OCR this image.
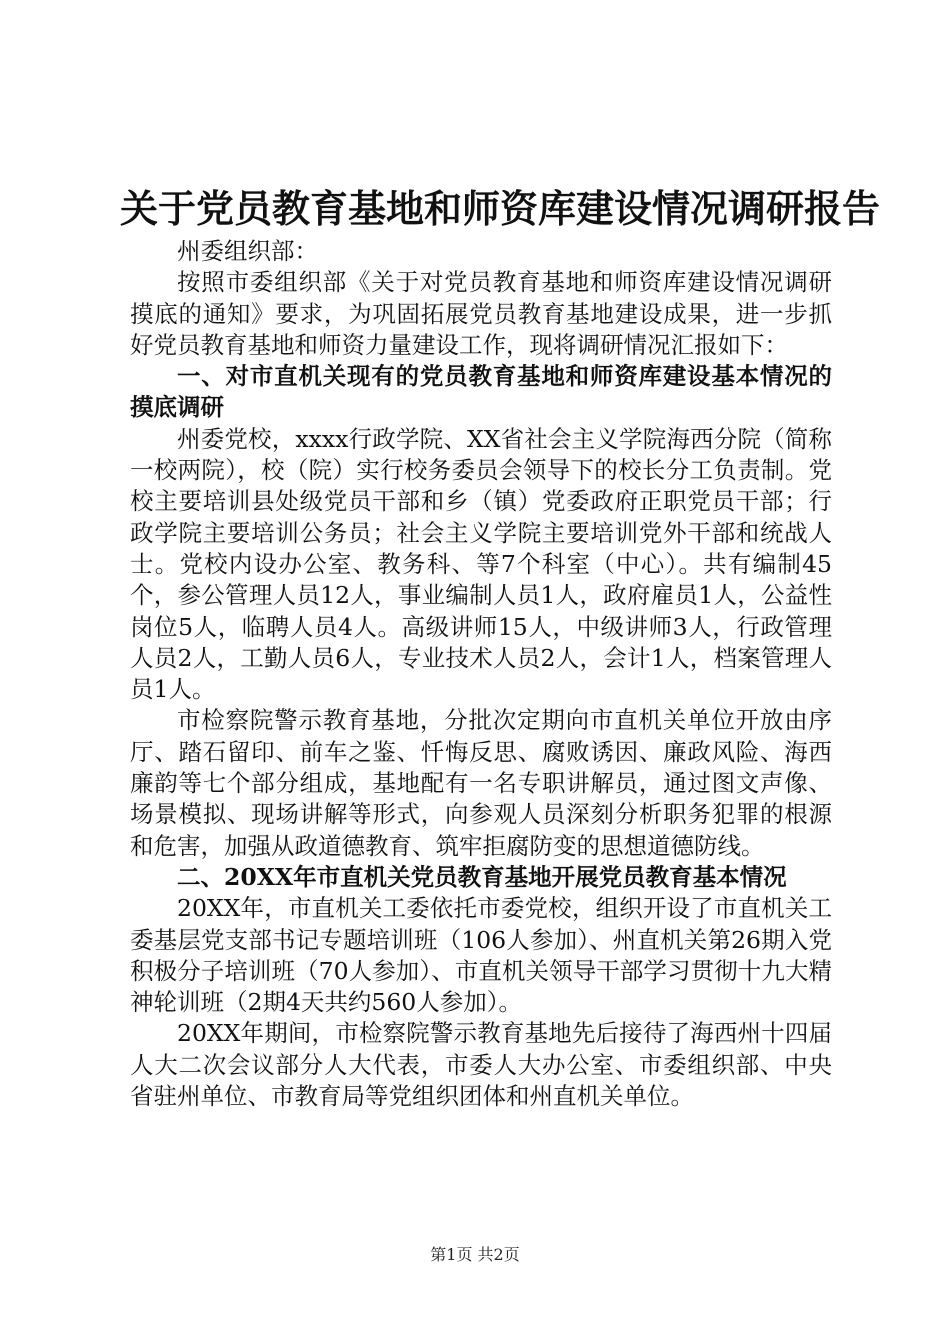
关于党员教育基地和师资库建设情况调研报告

州委组织部：

按照市委组织部《关于对党员教育基地和师资库建设情况调研摸底的通知》要求，为巩固拓展党员教育基地建设成果，进一步抓好党员教育基地和师资力量建设工作，现将调研情况汇报如下：

一、对市直机关现有的党员教育基地和师资库建设基本情况的摸底调研

州委党校，xxxx行政学院、XX省社会主义学院海西分院（简称一校两院），校（院）实行校务委员会领导下的校长分工负责制。党校主要培训县处级党员干部和乡（镇）党委政府正职党员干部；行政学院主要培训公务员；社会主义学院主要培训党外干部和统战人士。党校内设办公室、教务科、等7个科室（中心）。共有编制45个，参公管理人员12人，事业编制人员1人，政府雇员1人，公益性岗位5人，临聘人员4人。高级讲师15人，中级讲师3人，行政管理人员2人，工勤人员6人，专业技术人员2人，会计1人，档案管理人员1人。

市检察院警示教育基地，分批次定期向市直机关单位开放由序厅、踏石留印、前车之鉴、忏悔反思、腐败诱因、廉政风险、海西廉韵等七个部分组成，基地配有一名专职讲解员，通过图文声像、场景模拟、现场讲解等形式，向参观人员深刻分析职务犯罪的根源和危害，加强从政道德教育、筑牢拒腐防变的思想道德防线。

二、20XX年市直机关党员教育基地开展党员教育基本情况

20XX年，市直机关工委依托市委党校，组织开设了市直机关工委基层党支部书记专题培训班（106人参加）、州直机关第26期入党积极分子培训班（70人参加）、市直机关领导干部学习贯彻十九大精神轮训班（2期4天共约560人参加）。

20XX年期间，市检察院警示教育基地先后接待了海西州十四届人大二次会议部分人大代表，市委人大办公室、市委组织部、中央省驻州单位、市教育局等党组织团体和州直机关单位。

第1页 共2页
